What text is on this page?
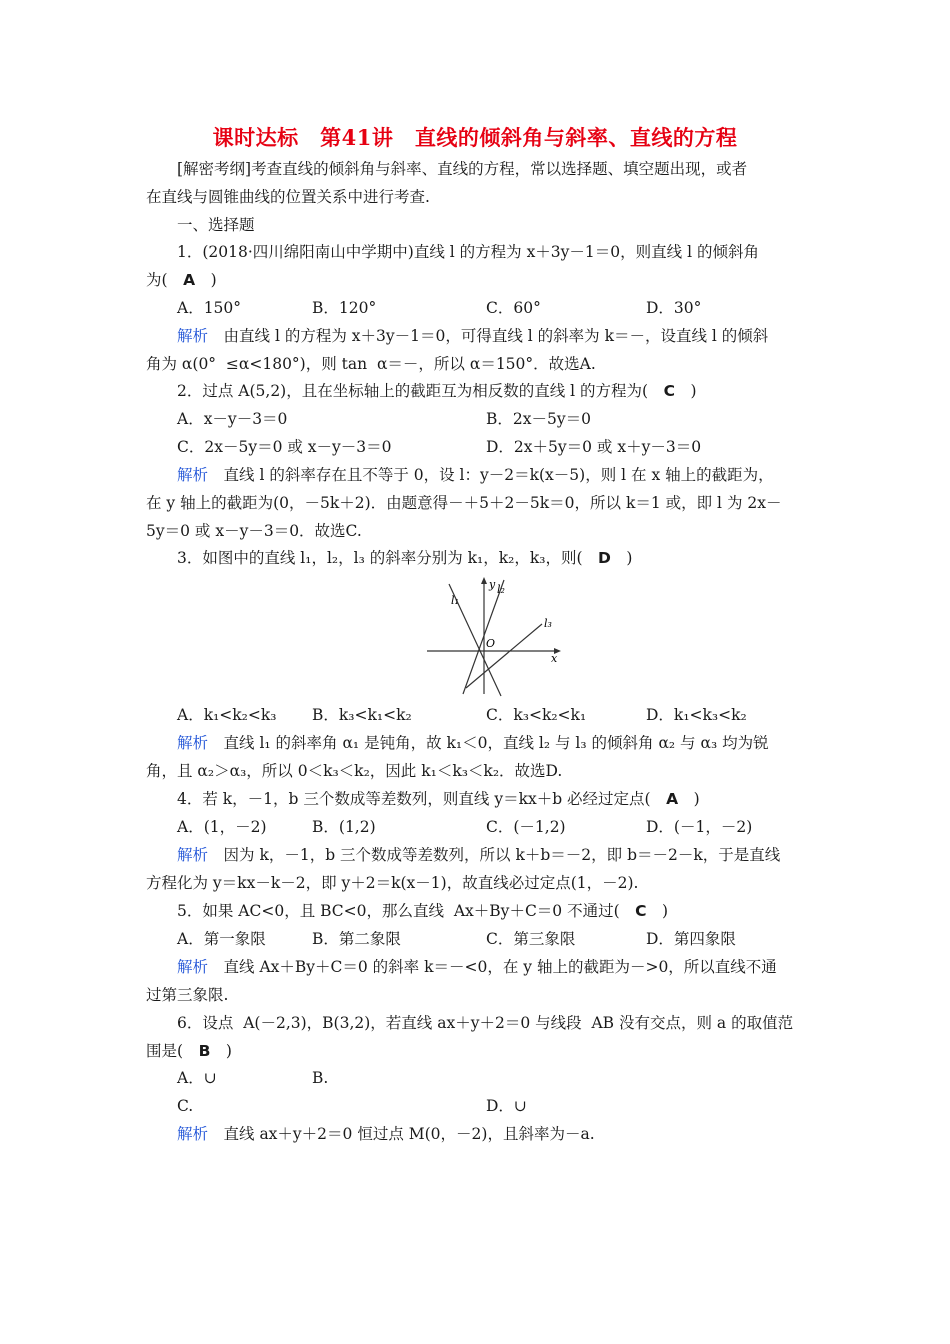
课时达标　第41讲　直线的倾斜角与斜率、直线的方程
[解密考纲]考查直线的倾斜角与斜率、直线的方程，常以选择题、填空题出现，或者
在直线与圆锥曲线的位置关系中进行考查.
一、选择题
1．(2018·四川绵阳南山中学期中)直线 l 的方程为 x＋3y－1＝0，则直线 l 的倾斜角
为(　A　)
A．150°	B．120°	C．60°	D．30°
解析　由直线 l 的方程为 x＋3y－1＝0，可得直线 l 的斜率为 k＝－，设直线 l 的倾斜
角为 α(0°  ≤α<180°)，则 tan  α＝－，所以 α＝150°．故选A.
2．过点 A(5,2)，且在坐标轴上的截距互为相反数的直线 l 的方程为(　C　)
A．x－y－3＝0	B．2x－5y＝0
C．2x－5y＝0 或 x－y－3＝0	D．2x＋5y＝0 或 x＋y－3＝0
解析　直线 l 的斜率存在且不等于 0，设 l：y－2＝k(x－5)，则 l 在 x 轴上的截距为，
在 y 轴上的截距为(0，－5k＋2)．由题意得－＋5＋2－5k＝0，所以 k＝1 或，即 l 为 2x－
5y＝0 或 x－y－3＝0．故选C.
3．如图中的直线 l₁，l₂，l₃ 的斜率分别为 k₁，k₂，k₃，则(　D　)
l₁
l₂
l₃
y
O
x
A．k₁<k₂<k₃ B．k₃<k₁<k₂	C．k₃<k₂<k₁	D．k₁<k₃<k₂
解析　直线 l₁ 的斜率角 α₁ 是钝角，故 k₁＜0，直线 l₂ 与 l₃ 的倾斜角 α₂ 与 α₃ 均为锐
角，且 α₂＞α₃，所以 0＜k₃＜k₂，因此 k₁＜k₃＜k₂．故选D.
4．若 k，－1，b 三个数成等差数列，则直线 y＝kx＋b 必经过定点(　A　)
A．(1，－2)	B．(1,2)	C．(－1,2)	D．(－1，－2)
解析　因为 k，－1，b 三个数成等差数列，所以 k＋b＝－2，即 b＝－2－k，于是直线
方程化为 y＝kx－k－2，即 y＋2＝k(x－1)，故直线必过定点(1，－2).
5．如果 AC<0，且 BC<0，那么直线  Ax＋By＋C＝0 不通过(　C　)
A．第一象限	B．第二象限	C．第三象限	D．第四象限
解析　直线 Ax＋By＋C＝0 的斜率 k＝－<0，在 y 轴上的截距为－>0，所以直线不通
过第三象限.
6．设点  A(－2,3)，B(3,2)，若直线 ax＋y＋2＝0 与线段  AB 没有交点，则 a 的取值范
围是(　B　)
A．∪	B.
C.	D．∪
解析　直线 ax＋y＋2＝0 恒过点 M(0，－2)，且斜率为－a.
